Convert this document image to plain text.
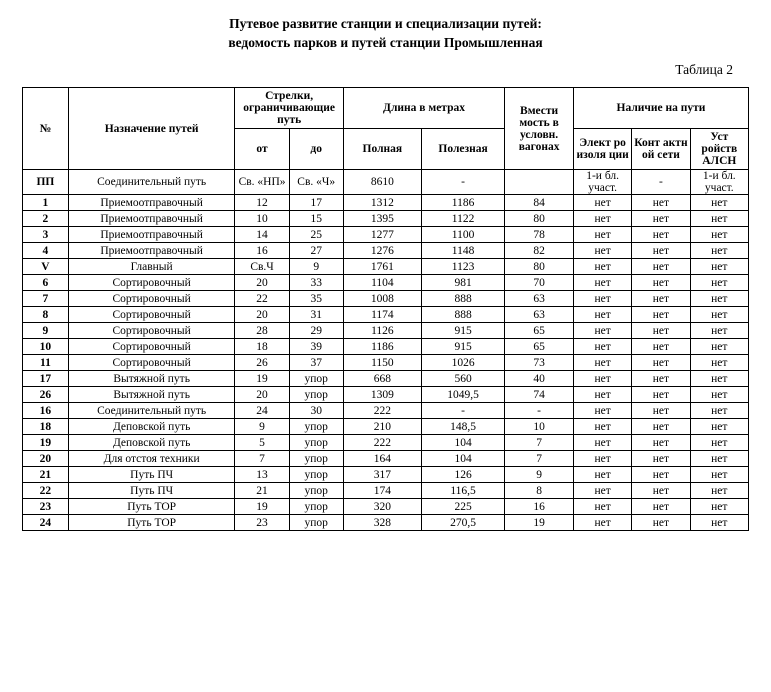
Путевое развитие станции и специализации путей:
ведомость парков и путей станции Промышленная
Таблица 2
№	Назначение путей	Стрелки, ограничивающие путь		Длина в метрах		Вмести мость в условн. вагонах	Наличие на пути		
		от	до	Полная	Полезная		Элект ро изоля ции	Конт актн ой сети	Уст ройств АЛСН
ПП	Соединительный путь	Св. «НП»	Св. «Ч»	8610	-		1-и бл. участ.	-	1-и бл. участ.
1	Приемоотправочный	12	17	1312	1186	84	нет	нет	нет
2	Приемоотправочный	10	15	1395	1122	80	нет	нет	нет
3	Приемоотправочный	14	25	1277	1100	78	нет	нет	нет
4	Приемоотправочный	16	27	1276	1148	82	нет	нет	нет
V	Главный	Св.Ч	9	1761	1123	80	нет	нет	нет
6	Сортировочный	20	33	1104	981	70	нет	нет	нет
7	Сортировочный	22	35	1008	888	63	нет	нет	нет
8	Сортировочный	20	31	1174	888	63	нет	нет	нет
9	Сортировочный	28	29	1126	915	65	нет	нет	нет
10	Сортировочный	18	39	1186	915	65	нет	нет	нет
11	Сортировочный	26	37	1150	1026	73	нет	нет	нет
17	Вытяжной путь	19	упор	668	560	40	нет	нет	нет
26	Вытяжной путь	20	упор	1309	1049,5	74	нет	нет	нет
16	Соединительный путь	24	30	222	-	-	нет	нет	нет
18	Деповской путь	9	упор	210	148,5	10	нет	нет	нет
19	Деповской путь	5	упор	222	104	7	нет	нет	нет
20	Для отстоя техники	7	упор	164	104	7	нет	нет	нет
21	Путь ПЧ	13	упор	317	126	9	нет	нет	нет
22	Путь ПЧ	21	упор	174	116,5	8	нет	нет	нет
23	Путь ТОР	19	упор	320	225	16	нет	нет	нет
24	Путь ТОР	23	упор	328	270,5	19	нет	нет	нет
